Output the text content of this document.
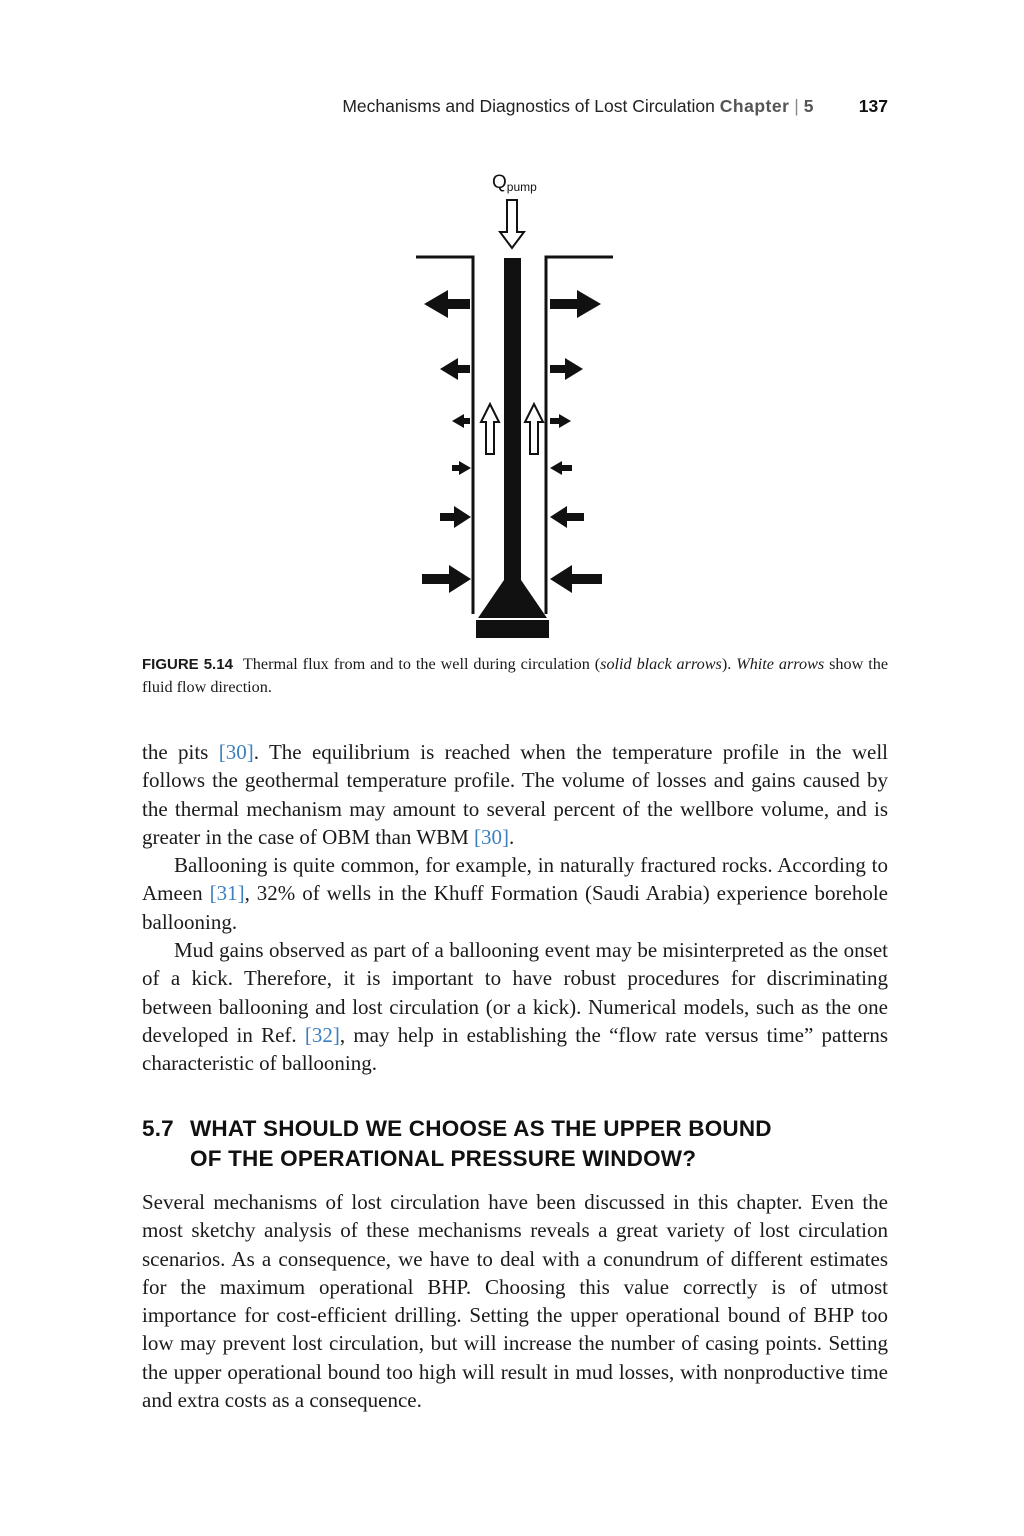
Mechanisms and Diagnostics of Lost Circulation Chapter | 5	137
Qpump
FIGURE 5.14 Thermal flux from and to the well during circulation (solid black arrows). White arrows show the fluid flow direction.

the pits [30]. The equilibrium is reached when the temperature profile in the well follows the geothermal temperature profile. The volume of losses and gains caused by the thermal mechanism may amount to several percent of the wellbore volume, and is greater in the case of OBM than WBM [30].

Ballooning is quite common, for example, in naturally fractured rocks. According to Ameen [31], 32% of wells in the Khuff Formation (Saudi Arabia) experience borehole ballooning.

Mud gains observed as part of a ballooning event may be misinterpreted as the onset of a kick. Therefore, it is important to have robust procedures for discriminating between ballooning and lost circulation (or a kick). Numerical models, such as the one developed in Ref. [32], may help in establishing the “flow rate versus time” patterns characteristic of ballooning.

5.7 WHAT SHOULD WE CHOOSE AS THE UPPER BOUND
OF THE OPERATIONAL PRESSURE WINDOW?

Several mechanisms of lost circulation have been discussed in this chapter. Even the most sketchy analysis of these mechanisms reveals a great variety of lost circulation scenarios. As a consequence, we have to deal with a conundrum of different estimates for the maximum operational BHP. Choosing this value correctly is of utmost importance for cost-efficient drilling. Setting the upper operational bound of BHP too low may prevent lost circulation, but will increase the number of casing points. Setting the upper operational bound too high will result in mud losses, with nonproductive time and extra costs as a consequence.
